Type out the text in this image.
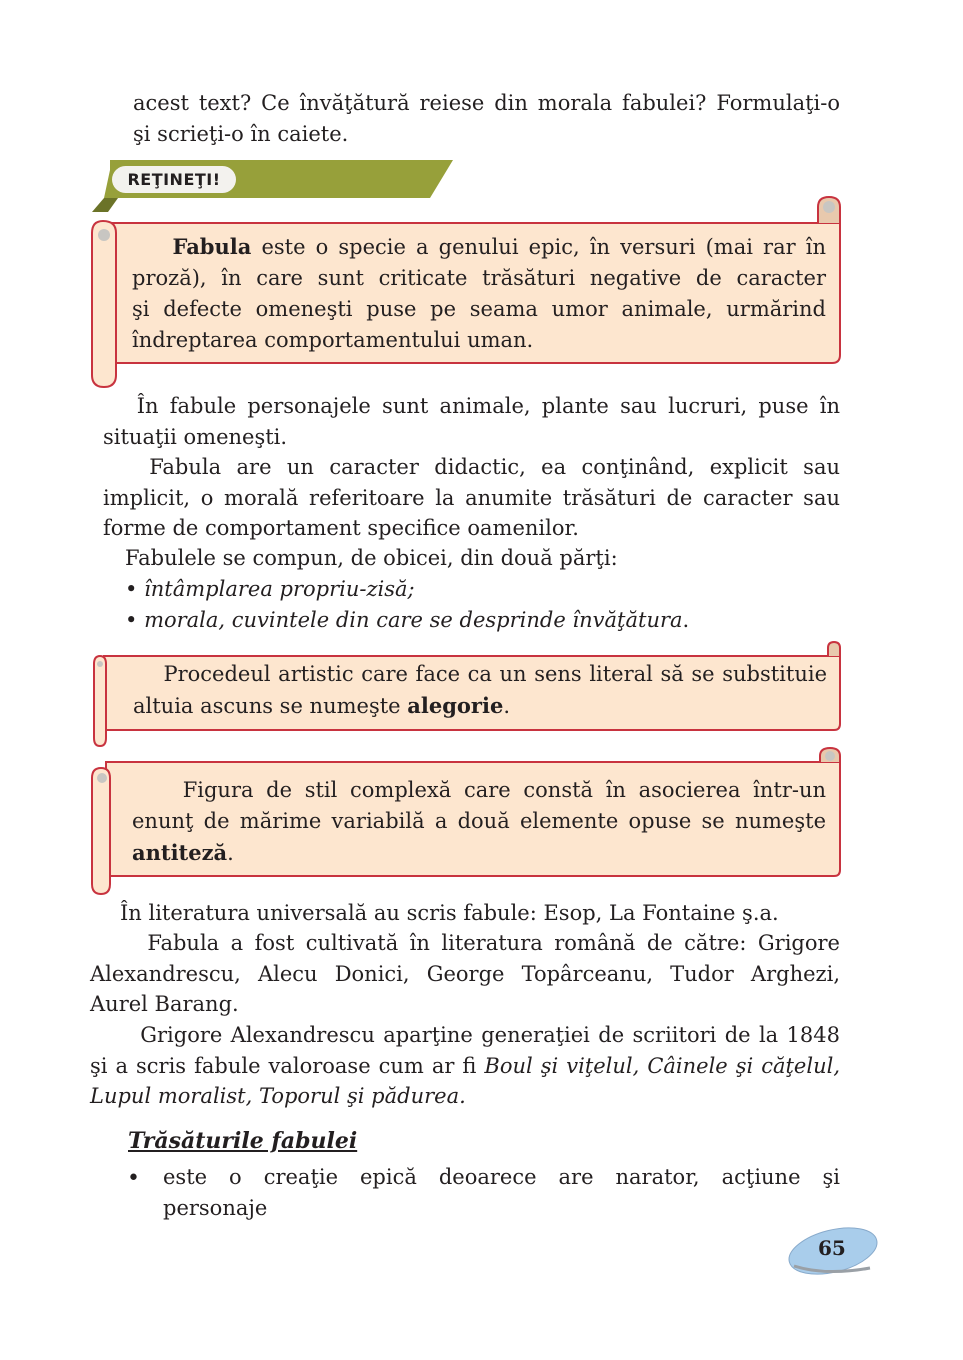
acest text? Ce învăţătură reiese din morala fabulei? Formulaţi-o
şi scrieţi-o în caiete.
REŢINEŢI!
Fabula este o specie a genului epic, în versuri (mai rar în
proză), în care sunt criticate trăsături negative de caracter
şi defecte omeneşti puse pe seama umor animale, urmărind
îndreptarea comportamentului uman.
În fabule personajele sunt animale, plante sau lucruri, puse în
situaţii omeneşti.
Fabula are un caracter didactic, ea conţinând, explicit sau
implicit, o morală referitoare la anumite trăsături de caracter sau
forme de comportament specifice oamenilor.
Fabulele se compun, de obicei, din două părţi:
• întâmplarea propriu-zisă;
• morala, cuvintele din care se desprinde învăţătura.
Procedeul artistic care face ca un sens literal să se substituie
altuia ascuns se numeşte alegorie.
Figura de stil complexă care constă în asocierea într-un
enunţ de mărime variabilă a două elemente opuse se numeşte
antiteză.
În literatura universală au scris fabule: Esop, La Fontaine ş.a.
Fabula a fost cultivată în literatura română de către: Grigore
Alexandrescu, Alecu Donici, George Topârceanu, Tudor Arghezi,
Aurel Barang.
Grigore Alexandrescu aparţine generaţiei de scriitori de la 1848
şi a scris fabule valoroase cum ar fi Boul şi viţelul, Câinele şi căţelul,
Lupul moralist, Toporul şi pădurea.
Trăsăturile fabulei
• este o creaţie epică deoarece are narator, acţiune şi
personaje
65
